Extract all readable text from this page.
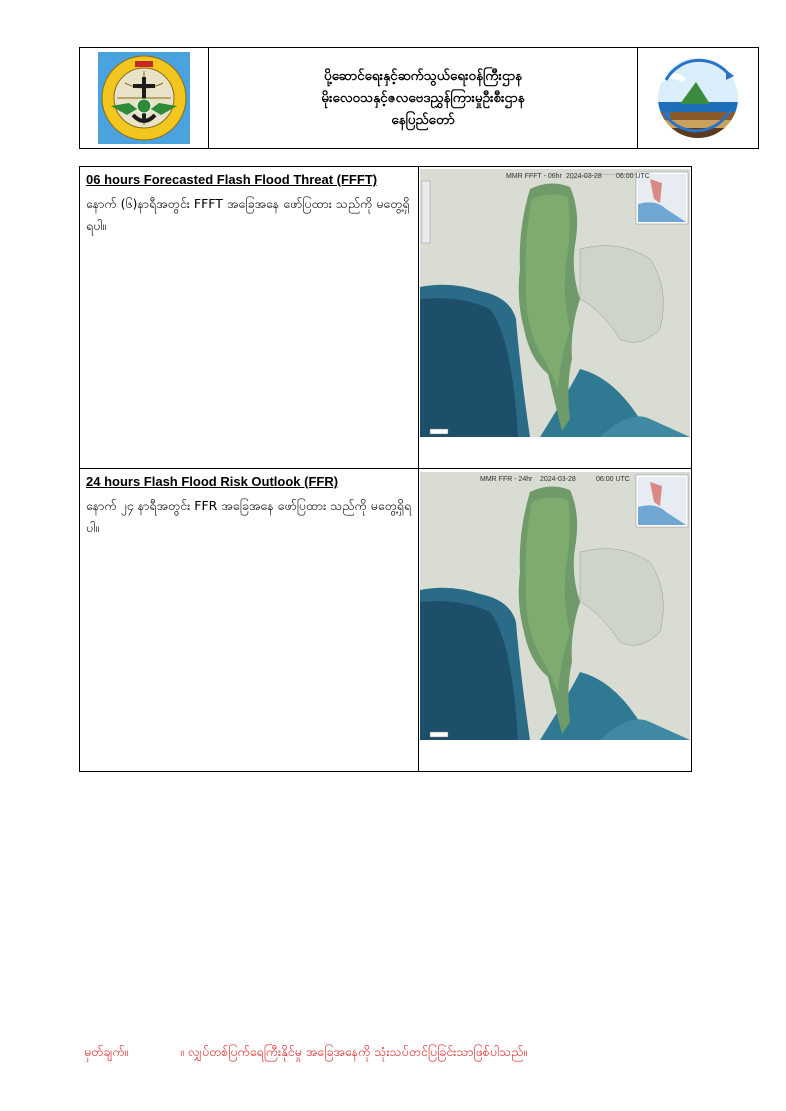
ပို့ဆောင်ရေးနှင့်ဆက်သွယ်ရေးဝန်ကြီးဌာန
မိုးလေဝသနှင့်ဇလဗေဒညွှန်ကြားမှုဦးစီးဌာန
နေပြည်တော်
06 hours Forecasted Flash Flood Threat (FFFT)
နောက် (၆)နာရီအတွင်း FFFT အခြေအနေ ဖော်ပြထား သည်ကို မတွေ့ရှိရပါ။
MMR FFFT - 06hr 2024-03-28 06:00 UTC
24 hours Flash Flood Risk Outlook (FFR)
နောက် ၂၄ နာရီအတွင်း FFR အခြေအနေ ဖော်ပြထား သည်ကို မတွေ့ရှိရပါ။
MMR FFR - 24hr 2024-03-28	06:00 UTC
မှတ်ချက်။	။ လျှပ်တစ်ပြက်ရေကြီးနိုင်မှု အခြေအနေကို သုံးသပ်တင်ပြခြင်းသာဖြစ်ပါသည်။
